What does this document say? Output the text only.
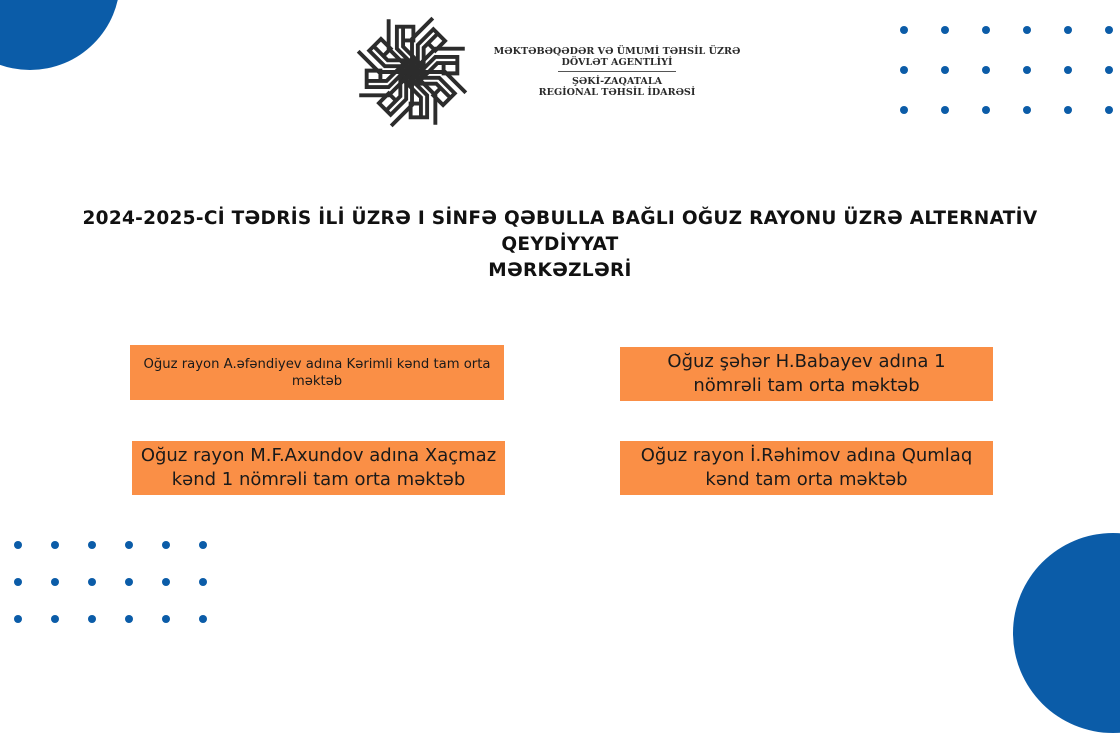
MƏKTƏBƏQƏDƏR VƏ ÜMUMİ TƏHSİL ÜZRƏ
DÖVLƏT AGENTLİYİ
ŞƏKİ-ZAQATALA
REGİONAL TƏHSİL İDARƏSİ
2024-2025-Cİ TƏDRİS İLİ ÜZRƏ I SİNFƏ QƏBULLA BAĞLI OĞUZ RAYONU ÜZRƏ ALTERNATİV QEYDİYYAT
MƏRKƏZLƏRİ
Oğuz rayon A.əfəndiyev adına Kərimli kənd tam orta
məktəb
Oğuz şəhər H.Babayev adına 1
nömrəli tam orta məktəb
Oğuz rayon M.F.Axundov adına Xaçmaz
kənd 1 nömrəli tam orta məktəb
Oğuz rayon İ.Rəhimov adına Qumlaq
kənd tam orta məktəb
